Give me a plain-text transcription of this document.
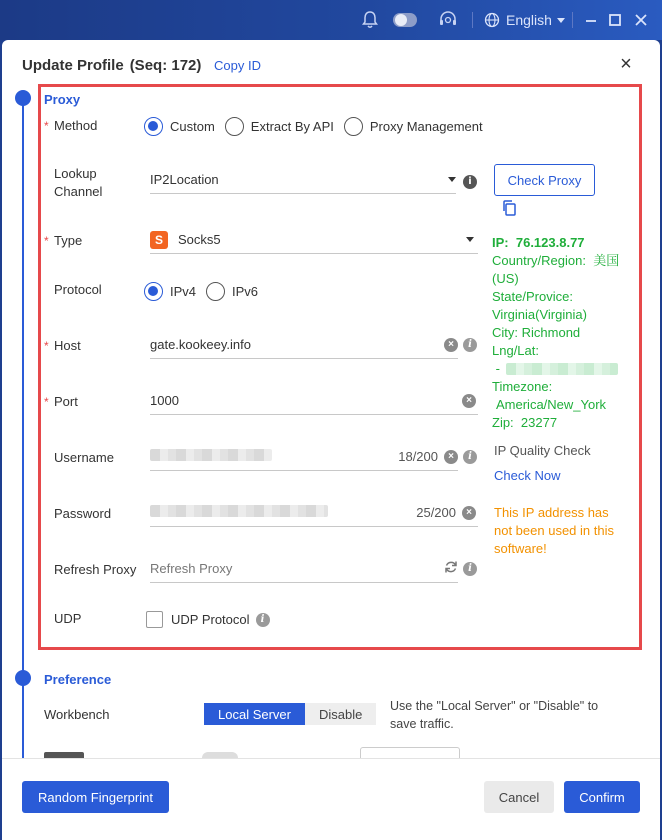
English
Update Profile (Seq: 172) Copy ID	×
Proxy
* Method	Custom	Extract By API	Proxy Management
Lookup
Channel
IP2Location	i	Check Proxy
* Type	S	Socks5	IP: 76.123.8.77
Country/Region: 美国
(US)
State/Provice:
Virginia(Virginia)
City: Richmond
Lng/Lat:

-
Timezone:
America/New_York
Zip: 23277
Protocol	IPv4	IPv6
* Host	gate.kookeey.info	×	i
* Port	1000	×
Username	18/200	×	i	IP Quality Check
Check Now
Password	25/200	×	This IP address has not been used in this software!
Refresh Proxy Refresh Proxy	i
UDP	UDP Protocol	i
Preference
Workbench	Local Server	Disable
Use the "Local Server" or "Disable" to save traffic.
Random Fingerprint	Cancel	Confirm
